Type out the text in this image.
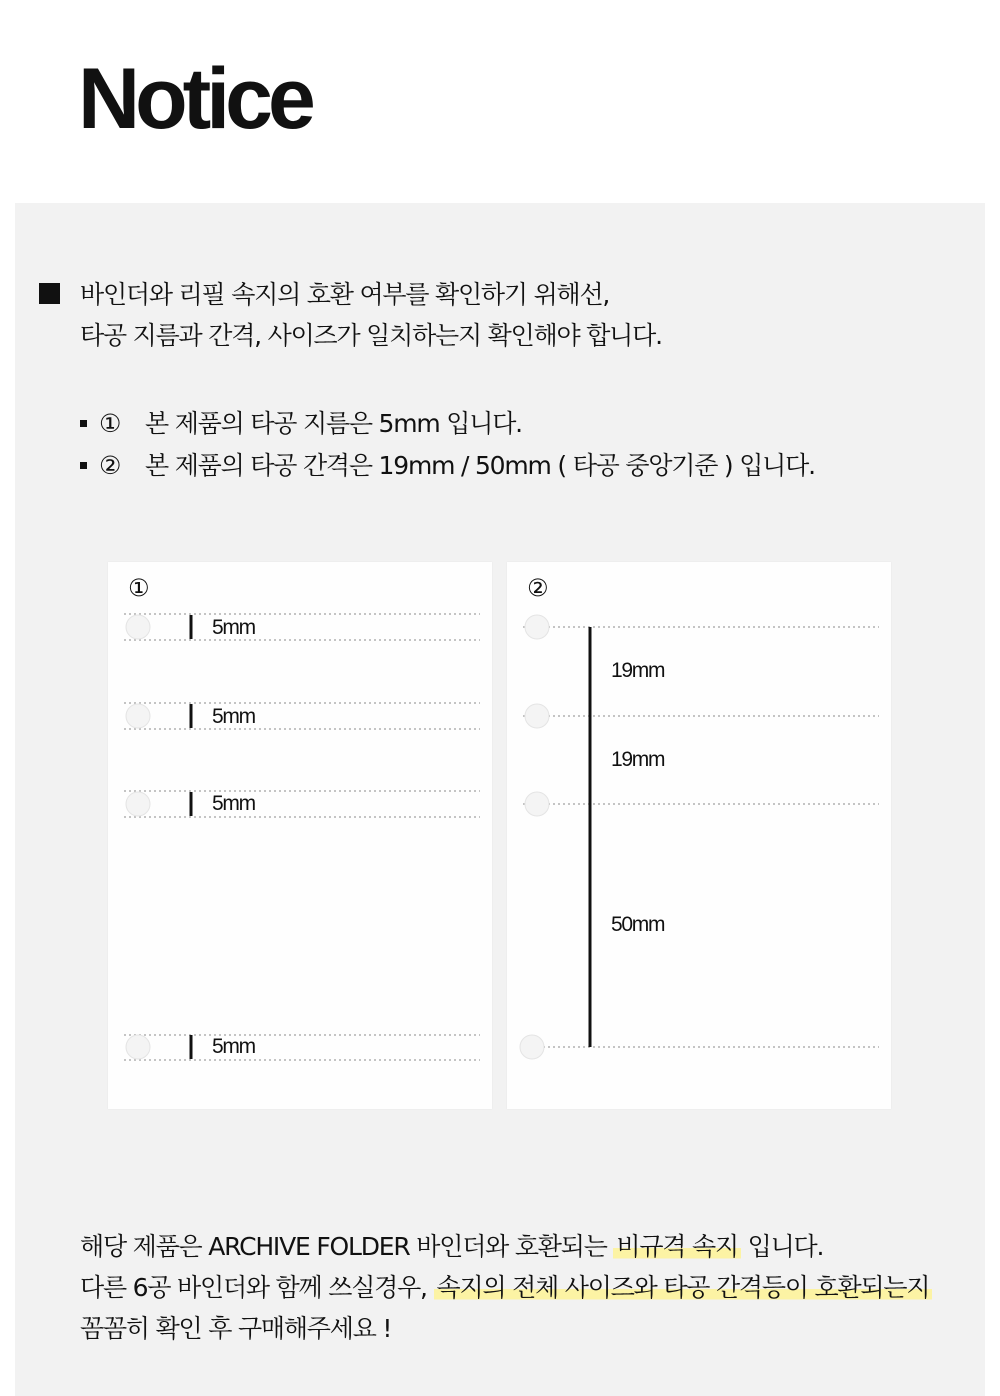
Notice
바인더와 리필 속지의 호환 여부를 확인하기 위해선,
타공 지름과 간격, 사이즈가 일치하는지 확인해야 합니다.
① 본 제품의 타공 지름은 5mm 입니다.
② 본 제품의 타공 간격은 19mm / 50mm ( 타공 중앙기준 ) 입니다.
①
5mm
5mm
5mm
5mm
②
19mm
19mm
50mm
해당 제품은 ARCHIVE FOLDER 바인더와 호환되는 비규격 속지 입니다.
다른 6공 바인더와 함께 쓰실경우, 속지의 전체 사이즈와 타공 간격등이 호환되는지
꼼꼼히 확인 후 구매해주세요 !
